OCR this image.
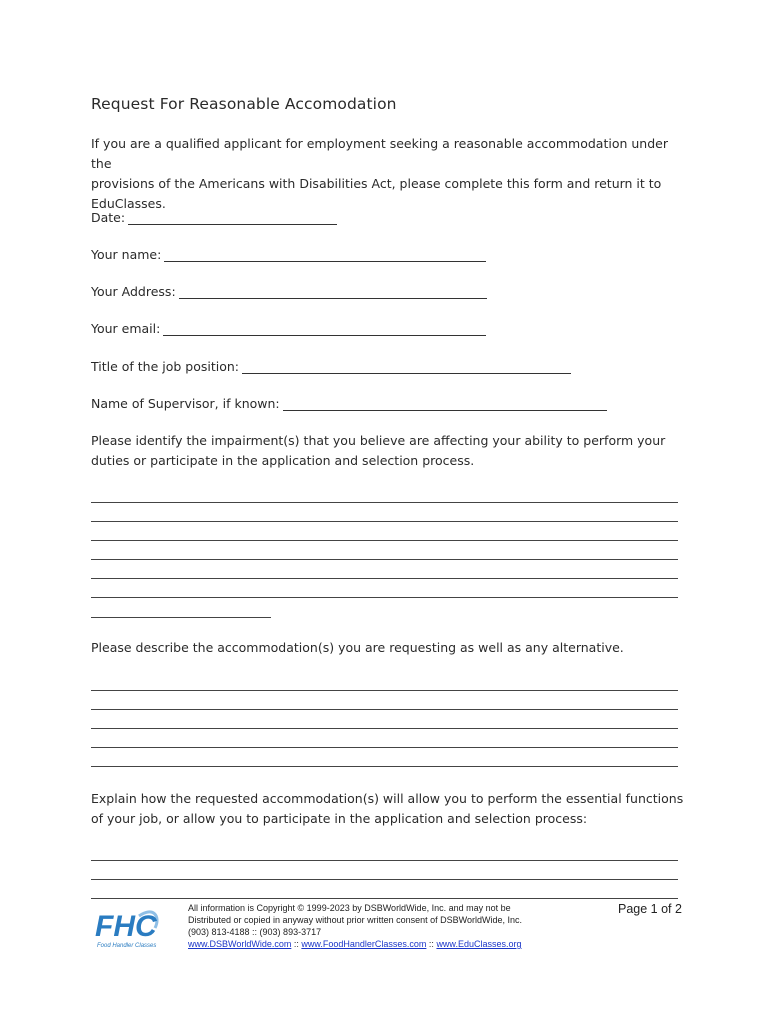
Request For Reasonable Accomodation
If you are a qualified applicant for employment seeking a reasonable accommodation under the
provisions of the Americans with Disabilities Act, please complete this form and return it to
EduClasses.
Date:
Your name:
Your Address:
Your email:
Title of the job position:
Name of Supervisor, if known:
Please identify the impairment(s) that you believe are affecting your ability to perform your
duties or participate in the application and selection process.
Please describe the accommodation(s) you are requesting as well as any alternative.
Explain how the requested accommodation(s) will allow you to perform the essential functions
of your job, or allow you to participate in the application and selection process:
FHC
Food Handler Classes
All information is Copyright © 1999-2023 by DSBWorldWide, Inc. and may not be
Distributed or copied in anyway without prior written consent of DSBWorldWide, Inc.
(903) 813-4188 :: (903) 893-3717
www.DSBWorldWide.com :: www.FoodHandlerClasses.com :: www.EduClasses.org
Page 1 of 2
